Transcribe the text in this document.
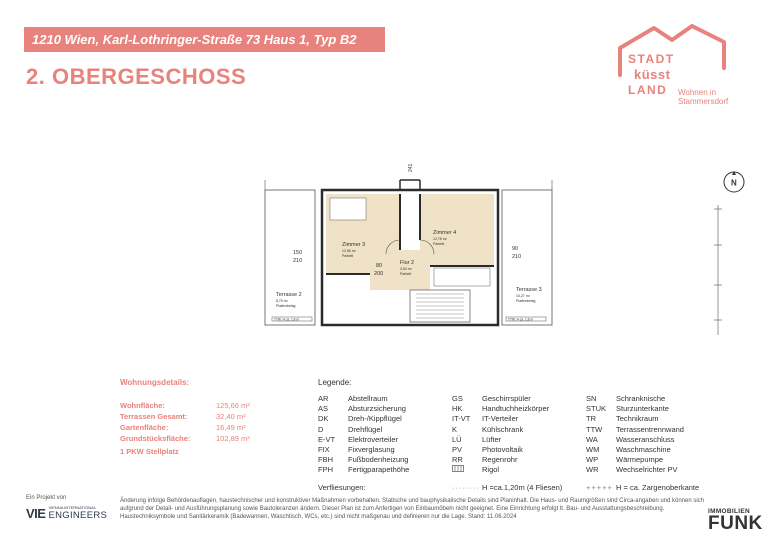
1210 Wien, Karl-Lothringer-Straße 73 Haus 1, Typ B2
2. OBERGESCHOSS
STADT
küsst
LAND Wohnen in
Stammersdorf
Zimmer 3
12,56 m²
Parkett
Zimmer 4
12,78 m²
Parkett
Flur 2
3,54 m²
Parkett
Terrasse 2
8,75 m²
Plattenbelag
Terrasse 3
10,27 m²
Plattenbelag
150
210
80
200
90
210
241
TTW: H ca. 1,8 m	TTW: H ca. 1,8 m
N
Wohnungsdetails:
Wohnfläche:	125,66 m²
Terrassen Gesamt:	32,40 m²
Gartenfläche:	16,49 m²
Grundstücksfläche:	102,89 m²
1 PKW Stellplatz
Legende:
AR	Abstellraum
AS	Absturzsicherung
DK	Dreh-/Kippflügel
D	Drehflügel
E-VT	Elektroverteiler
FIX	Fixverglasung
FBH	Fußbodenheizung
FPH	Fertigparapethöhe
GS	Geschirrspüler
HK	Handtuchheizkörper
IT-VT	IT-Verteiler
K	Kühlschrank
LÜ	Lüfter
PV	Photovoltaik
RR	Regenrohr
Rigol
SN	Schranknische
STUK	Sturzunterkante
TR	Technikraum
TTW	Terrassentrennwand
WA	Wasseranschluss
WM	Waschmaschine
WP	Wärmepumpe
WR	Wechselrichter PV
Verfliesungen:	········ H =ca.1,20m (4 Fliesen)	+++++ H = ca. Zargenoberkante
Ein Projekt von
VIE VIENNA INTERNATIONAL
ENGINEERS
Änderung infolge Behördenauflagen, haustechnischer und konstruktiver Maßnahmen vorbehalten. Statische und bauphysikalische Details sind Planinhalt. Die Haus- und Raumgrößen sind Circa-angaben und können sich aufgrund der Detail- und Ausführungsplanung sowie Bautoleranzen ändern. Dieser Plan ist zum Anfertigen von Einbaumöbeln nicht geeignet. Eine Einrichtung erfolgt lt. Bau- und Ausstattungsbeschreibung. Haustechniksymbole und Sanitärkeramik (Badewannen, Waschtisch, WCs, etc.) sind nicht maßgenau und definieren nur die Lage. Stand: 11.06.2024
IMMOBILIEN
FUNK
